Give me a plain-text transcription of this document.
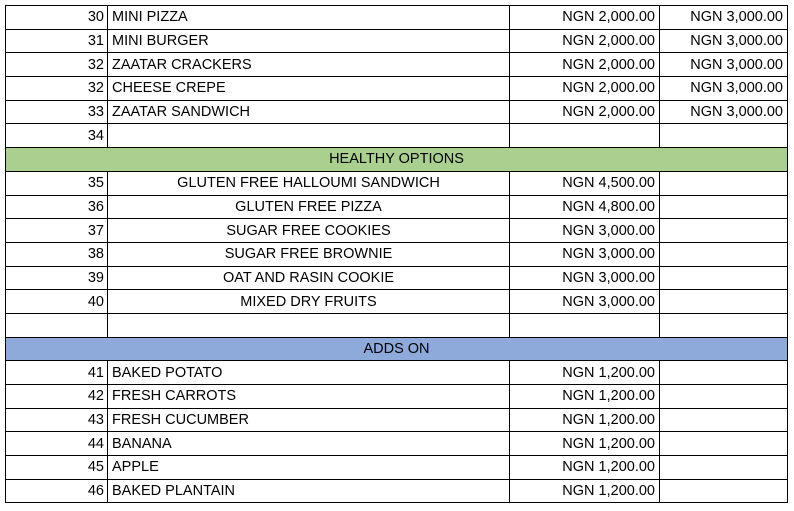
30	MINI PIZZA	NGN 2,000.00	NGN 3,000.00
31	MINI BURGER	NGN 2,000.00	NGN 3,000.00
32	ZAATAR CRACKERS	NGN 2,000.00	NGN 3,000.00
32	CHEESE CREPE	NGN 2,000.00	NGN 3,000.00
33	ZAATAR SANDWICH	NGN 2,000.00	NGN 3,000.00
34			
HEALTHY OPTIONS			
35	GLUTEN FREE HALLOUMI SANDWICH	NGN 4,500.00	
36	GLUTEN FREE PIZZA	NGN 4,800.00	
37	SUGAR FREE COOKIES	NGN 3,000.00	
38	SUGAR FREE BROWNIE	NGN 3,000.00	
39	OAT AND RASIN COOKIE	NGN 3,000.00	
40	MIXED DRY FRUITS	NGN 3,000.00	

ADDS ON			
41	BAKED POTATO	NGN 1,200.00	
42	FRESH CARROTS	NGN 1,200.00	
43	FRESH CUCUMBER	NGN 1,200.00	
44	BANANA	NGN 1,200.00	
45	APPLE	NGN 1,200.00	
46	BAKED PLANTAIN	NGN 1,200.00	
